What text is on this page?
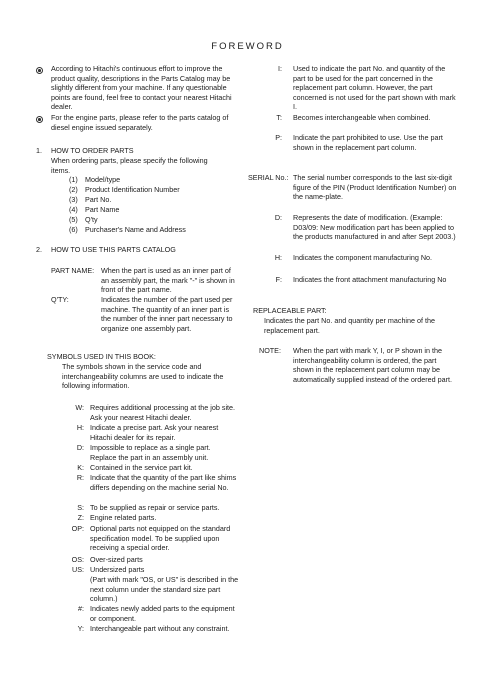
FOREWORD
According to Hitachi's continuous effort to improve the product quality, descriptions in the Parts Catalog may be slightly different from your machine. If any questionable points are found, feel free to contact your nearest Hitachi dealer.
For the engine parts, please refer to the parts catalog of diesel engine issued separately.
1. HOW TO ORDER PARTS
When ordering parts, please specify the following items.
(1) Model/type
(2) Product Identification Number
(3) Part No.
(4) Part Name
(5) Q'ty
(6) Purchaser's Name and Address
2. HOW TO USE THIS PARTS CATALOG
PART NAME: When the part is used as an inner part of an assembly part, the mark "-" is shown in front of the part name.
Q'TY:	Indicates the number of the part used per machine. The quantity of an inner part is the number of the inner part necessary to organize one assembly part.
SYMBOLS USED IN THIS BOOK:
The symbols shown in the service code and interchangeability columns are used to indicate the following information.
W: Requires additional processing at the job site. Ask your nearest Hitachi dealer.
H: Indicate a precise part. Ask your nearest Hitachi dealer for its repair.
D: Impossible to replace as a single part. Replace the part in an assembly unit.
K: Contained in the service part kit.
R: Indicate that the quantity of the part like shims differs depending on the machine serial No.
S: To be supplied as repair or service parts.
Z: Engine related parts.
OP: Optional parts not equipped on the standard specification model. To be supplied upon receiving a special order.
OS: Over-sized parts
US: Undersized parts
(Part with mark "OS, or US" is described in the next column under the standard size part column.)
#: Indicates newly added parts to the equipment or component.
Y: Interchangeable part without any constraint.
I: Used to indicate the part No. and quantity of the part to be used for the part concerned in the replacement part column. However, the part concerned is not used for the part shown with mark I.
T: Becomes interchangeable when combined.
P: Indicate the part prohibited to use. Use the part shown in the replacement part column.
SERIAL No.: The serial number corresponds to the last six-digit figure of the PIN (Product Identification Number) on the name-plate.
D: Represents the date of modification. (Example: D03/09: New modification part has been applied to the products manufactured in and after Sept 2003.)
H: Indicates the component manufacturing No.
F: Indicates the front attachment manufacturing No
REPLACEABLE PART:
Indicates the part No. and quantity per machine of the replacement part.
NOTE: When the part with mark Y, I, or P shown in the interchangeability column is ordered, the part shown in the replacement part column may be automatically supplied instead of the ordered part.
